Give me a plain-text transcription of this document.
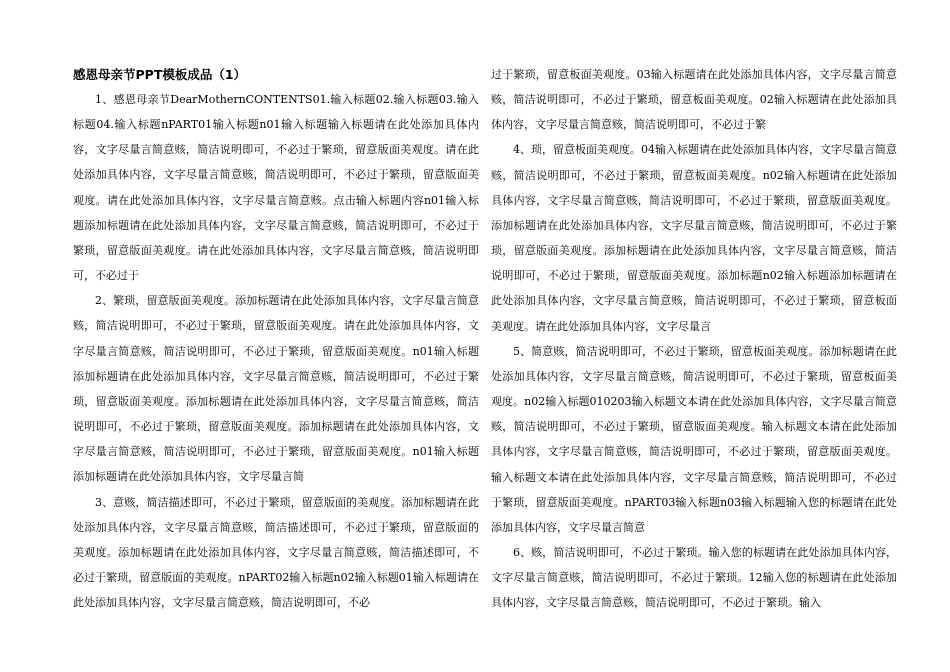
感恩母亲节PPT模板成品（1）

1、感恩母亲节DearMothernCONTENTS01.输入标题02.输入标题03.输入标题04.输入标题nPART01输入标题n01输入标题输入标题请在此处添加具体内容，文字尽量言简意赅，简洁说明即可，不必过于繁琐，留意版面美观度。请在此处添加具体内容，文字尽量言简意赅，简洁说明即可，不必过于繁琐，留意版面美观度。请在此处添加具体内容，文字尽量言简意赅。点击输入标题内容n01输入标题添加标题请在此处添加具体内容，文字尽量言简意赅，简洁说明即可，不必过于繁琐，留意版面美观度。请在此处添加具体内容，文字尽量言简意赅，简洁说明即可，不必过于

2、繁琐，留意版面美观度。添加标题请在此处添加具体内容，文字尽量言简意赅，简洁说明即可，不必过于繁琐，留意版面美观度。请在此处添加具体内容，文字尽量言简意赅，简洁说明即可，不必过于繁琐，留意版面美观度。n01输入标题添加标题请在此处添加具体内容，文字尽量言简意赅，简洁说明即可，不必过于繁琐，留意版面美观度。添加标题请在此处添加具体内容，文字尽量言简意赅，简洁说明即可，不必过于繁琐，留意版面美观度。添加标题请在此处添加具体内容，文字尽量言简意赅，简洁说明即可，不必过于繁琐，留意版面美观度。n01输入标题添加标题请在此处添加具体内容，文字尽量言简

3、意赅，简洁描述即可，不必过于繁琐，留意版面的美观度。添加标题请在此处添加具体内容，文字尽量言简意赅，简洁描述即可，不必过于繁琐，留意版面的美观度。添加标题请在此处添加具体内容，文字尽量言简意赅，简洁描述即可，不必过于繁琐，留意版面的美观度。nPART02输入标题n02输入标题01输入标题请在此处添加具体内容，文字尽量言简意赅，简洁说明即可，不必

过于繁琐，留意板面美观度。03输入标题请在此处添加具体内容，文字尽量言简意赅，简洁说明即可，不必过于繁琐，留意板面美观度。02输入标题请在此处添加具体内容，文字尽量言简意赅，简洁说明即可，不必过于繁

4、琐，留意板面美观度。04输入标题请在此处添加具体内容，文字尽量言简意赅，简洁说明即可，不必过于繁琐，留意板面美观度。n02输入标题请在此处添加具体内容，文字尽量言简意赅，简洁说明即可，不必过于繁琐，留意版面美观度。添加标题请在此处添加具体内容，文字尽量言简意赅，简洁说明即可，不必过于繁琐，留意版面美观度。添加标题请在此处添加具体内容，文字尽量言简意赅，简洁说明即可，不必过于繁琐，留意版面美观度。添加标题n02输入标题添加标题请在此处添加具体内容，文字尽量言简意赅，简洁说明即可，不必过于繁琐，留意板面美观度。请在此处添加具体内容，文字尽量言

5、简意赅，简洁说明即可，不必过于繁琐，留意板面美观度。添加标题请在此处添加具体内容，文字尽量言简意赅，简洁说明即可，不必过于繁琐，留意板面美观度。n02输入标题010203输入标题文本请在此处添加具体内容，文字尽量言简意赅，简洁说明即可，不必过于繁琐，留意版面美观度。输入标题文本请在此处添加具体内容，文字尽量言简意赅，简洁说明即可，不必过于繁琐，留意版面美观度。输入标题文本请在此处添加具体内容，文字尽量言简意赅，简洁说明即可，不必过于繁琐，留意版面美观度。nPART03输入标题n03输入标题输入您的标题请在此处添加具体内容，文字尽量言简意

6、赅，简洁说明即可，不必过于繁琐。输入您的标题请在此处添加具体内容，文字尽量言简意赅，简洁说明即可，不必过于繁琐。12输入您的标题请在此处添加具体内容，文字尽量言简意赅，简洁说明即可，不必过于繁琐。输入
